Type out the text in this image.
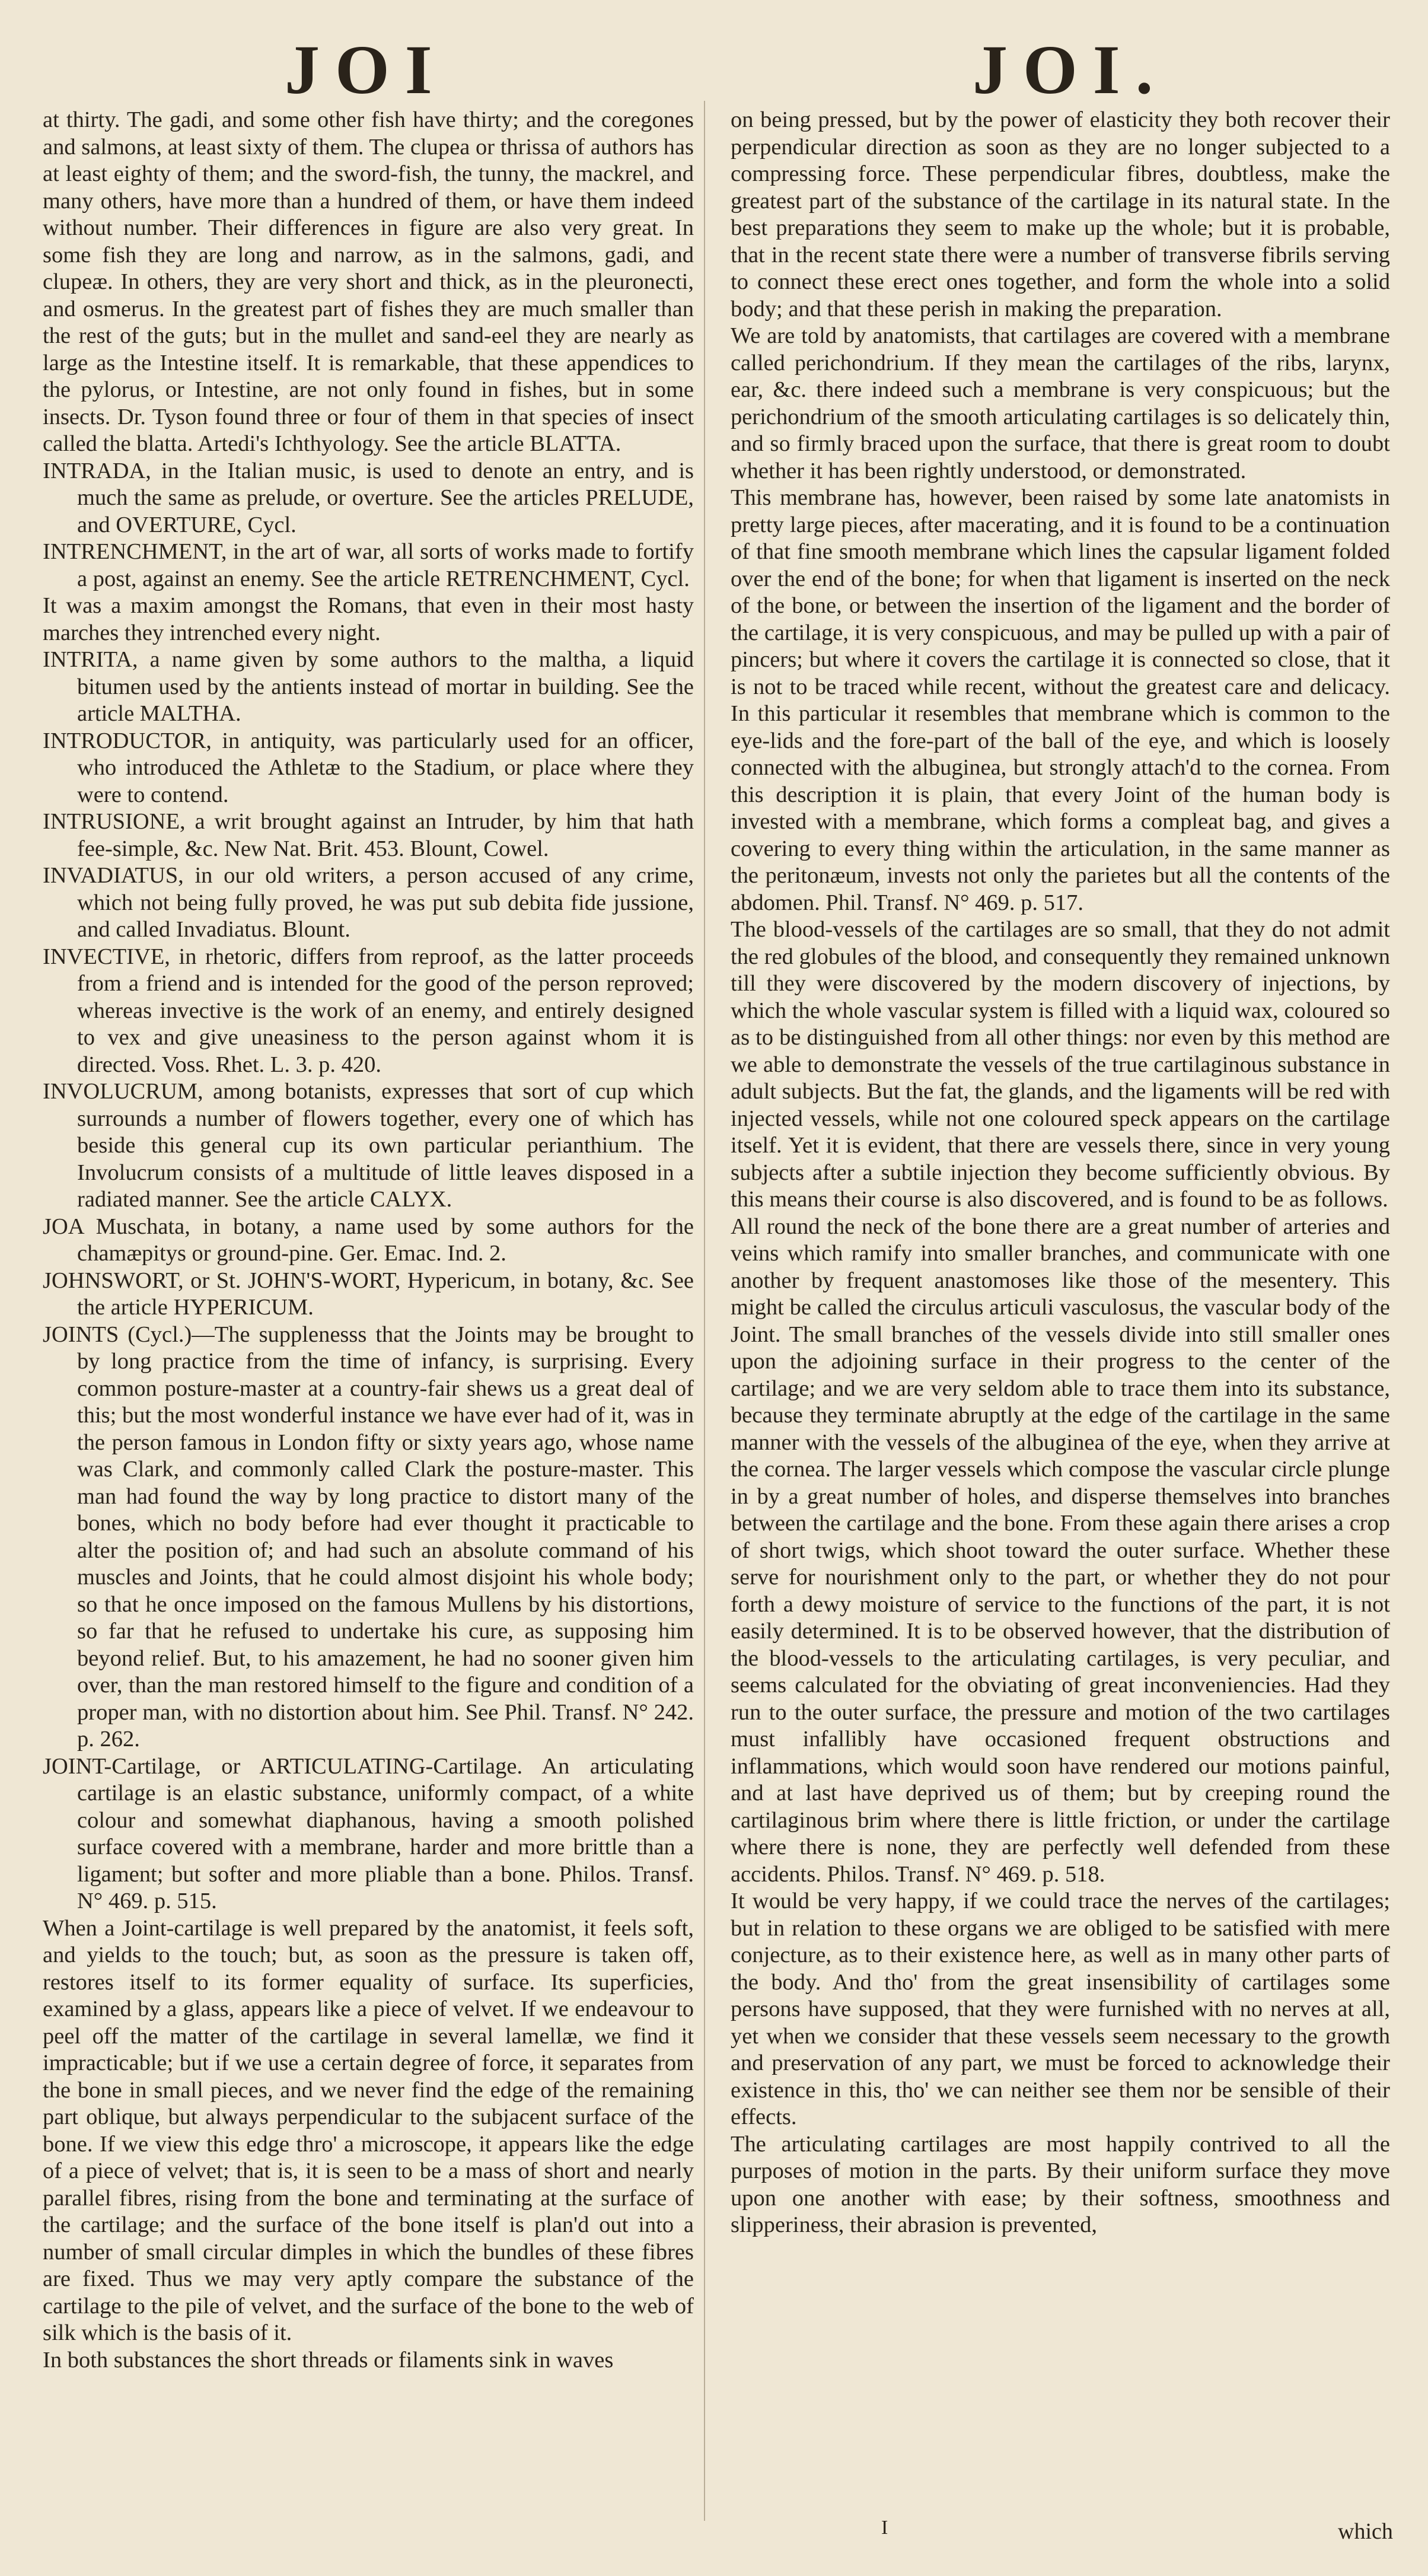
JOI	JOI.

at thirty. The gadi, and some other fish have thirty; and the coregones and salmons, at least sixty of them. The clupea or thrissa of authors has at least eighty of them; and the sword-fish, the tunny, the mackrel, and many others, have more than a hundred of them, or have them indeed without number. Their differences in figure are also very great. In some fish they are long and narrow, as in the salmons, gadi, and clupeæ. In others, they are very short and thick, as in the pleuronecti, and osmerus. In the greatest part of fishes they are much smaller than the rest of the guts; but in the mullet and sand-eel they are nearly as large as the Intestine itself. It is remarkable, that these appendices to the pylorus, or Intestine, are not only found in fishes, but in some insects. Dr. Tyson found three or four of them in that species of insect called the blatta. Artedi's Ichthyology. See the article BLATTA.

INTRADA, in the Italian music, is used to denote an entry, and is much the same as prelude, or overture. See the articles PRELUDE, and OVERTURE, Cycl.

INTRENCHMENT, in the art of war, all sorts of works made to fortify a post, against an enemy. See the article RETRENCHMENT, Cycl.

It was a maxim amongst the Romans, that even in their most hasty marches they intrenched every night.

INTRITA, a name given by some authors to the maltha, a liquid bitumen used by the antients instead of mortar in building. See the article MALTHA.

INTRODUCTOR, in antiquity, was particularly used for an officer, who introduced the Athletæ to the Stadium, or place where they were to contend.

INTRUSIONE, a writ brought against an Intruder, by him that hath fee-simple, &c. New Nat. Brit. 453. Blount, Cowel.

INVADIATUS, in our old writers, a person accused of any crime, which not being fully proved, he was put sub debita fide jussione, and called Invadiatus. Blount.

INVECTIVE, in rhetoric, differs from reproof, as the latter proceeds from a friend and is intended for the good of the person reproved; whereas invective is the work of an enemy, and entirely designed to vex and give uneasiness to the person against whom it is directed. Voss. Rhet. L. 3. p. 420.

INVOLUCRUM, among botanists, expresses that sort of cup which surrounds a number of flowers together, every one of which has beside this general cup its own particular perianthium. The Involucrum consists of a multitude of little leaves disposed in a radiated manner. See the article CALYX.

JOA Muschata, in botany, a name used by some authors for the chamæpitys or ground-pine. Ger. Emac. Ind. 2.

JOHNSWORT, or St. JOHN'S-WORT, Hypericum, in botany, &c. See the article HYPERICUM.

JOINTS (Cycl.)—The supplenesss that the Joints may be brought to by long practice from the time of infancy, is surprising. Every common posture-master at a country-fair shews us a great deal of this; but the most wonderful instance we have ever had of it, was in the person famous in London fifty or sixty years ago, whose name was Clark, and commonly called Clark the posture-master. This man had found the way by long practice to distort many of the bones, which no body before had ever thought it practicable to alter the position of; and had such an absolute command of his muscles and Joints, that he could almost disjoint his whole body; so that he once imposed on the famous Mullens by his distortions, so far that he refused to undertake his cure, as supposing him beyond relief. But, to his amazement, he had no sooner given him over, than the man restored himself to the figure and condition of a proper man, with no distortion about him. See Phil. Transf. N° 242. p. 262.

JOINT-Cartilage, or ARTICULATING-Cartilage. An articulating cartilage is an elastic substance, uniformly compact, of a white colour and somewhat diaphanous, having a smooth polished surface covered with a membrane, harder and more brittle than a ligament; but softer and more pliable than a bone. Philos. Transf. N° 469. p. 515.

When a Joint-cartilage is well prepared by the anatomist, it feels soft, and yields to the touch; but, as soon as the pressure is taken off, restores itself to its former equality of surface. Its superficies, examined by a glass, appears like a piece of velvet. If we endeavour to peel off the matter of the cartilage in several lamellæ, we find it impracticable; but if we use a certain degree of force, it separates from the bone in small pieces, and we never find the edge of the remaining part oblique, but always perpendicular to the subjacent surface of the bone. If we view this edge thro' a microscope, it appears like the edge of a piece of velvet; that is, it is seen to be a mass of short and nearly parallel fibres, rising from the bone and terminating at the surface of the cartilage; and the surface of the bone itself is plan'd out into a number of small circular dimples in which the bundles of these fibres are fixed. Thus we may very aptly compare the substance of the cartilage to the pile of velvet, and the surface of the bone to the web of silk which is the basis of it.

In both substances the short threads or filaments sink in waves

on being pressed, but by the power of elasticity they both recover their perpendicular direction as soon as they are no longer subjected to a compressing force. These perpendicular fibres, doubtless, make the greatest part of the substance of the cartilage in its natural state. In the best preparations they seem to make up the whole; but it is probable, that in the recent state there were a number of transverse fibrils serving to connect these erect ones together, and form the whole into a solid body; and that these perish in making the preparation.

We are told by anatomists, that cartilages are covered with a membrane called perichondrium. If they mean the cartilages of the ribs, larynx, ear, &c. there indeed such a membrane is very conspicuous; but the perichondrium of the smooth articulating cartilages is so delicately thin, and so firmly braced upon the surface, that there is great room to doubt whether it has been rightly understood, or demonstrated.

This membrane has, however, been raised by some late anatomists in pretty large pieces, after macerating, and it is found to be a continuation of that fine smooth membrane which lines the capsular ligament folded over the end of the bone; for when that ligament is inserted on the neck of the bone, or between the insertion of the ligament and the border of the cartilage, it is very conspicuous, and may be pulled up with a pair of pincers; but where it covers the cartilage it is connected so close, that it is not to be traced while recent, without the greatest care and delicacy. In this particular it resembles that membrane which is common to the eye-lids and the fore-part of the ball of the eye, and which is loosely connected with the albuginea, but strongly attach'd to the cornea. From this description it is plain, that every Joint of the human body is invested with a membrane, which forms a compleat bag, and gives a covering to every thing within the articulation, in the same manner as the peritonæum, invests not only the parietes but all the contents of the abdomen. Phil. Transf. N° 469. p. 517.

The blood-vessels of the cartilages are so small, that they do not admit the red globules of the blood, and consequently they remained unknown till they were discovered by the modern discovery of injections, by which the whole vascular system is filled with a liquid wax, coloured so as to be distinguished from all other things: nor even by this method are we able to demonstrate the vessels of the true cartilaginous substance in adult subjects. But the fat, the glands, and the ligaments will be red with injected vessels, while not one coloured speck appears on the cartilage itself. Yet it is evident, that there are vessels there, since in very young subjects after a subtile injection they become sufficiently obvious. By this means their course is also discovered, and is found to be as follows.

All round the neck of the bone there are a great number of arteries and veins which ramify into smaller branches, and communicate with one another by frequent anastomoses like those of the mesentery. This might be called the circulus articuli vasculosus, the vascular body of the Joint. The small branches of the vessels divide into still smaller ones upon the adjoining surface in their progress to the center of the cartilage; and we are very seldom able to trace them into its substance, because they terminate abruptly at the edge of the cartilage in the same manner with the vessels of the albuginea of the eye, when they arrive at the cornea. The larger vessels which compose the vascular circle plunge in by a great number of holes, and disperse themselves into branches between the cartilage and the bone. From these again there arises a crop of short twigs, which shoot toward the outer surface. Whether these serve for nourishment only to the part, or whether they do not pour forth a dewy moisture of service to the functions of the part, it is not easily determined. It is to be observed however, that the distribution of the blood-vessels to the articulating cartilages, is very peculiar, and seems calculated for the obviating of great inconveniencies. Had they run to the outer surface, the pressure and motion of the two cartilages must infallibly have occasioned frequent obstructions and inflammations, which would soon have rendered our motions painful, and at last have deprived us of them; but by creeping round the cartilaginous brim where there is little friction, or under the cartilage where there is none, they are perfectly well defended from these accidents. Philos. Transf. N° 469. p. 518.

It would be very happy, if we could trace the nerves of the cartilages; but in relation to these organs we are obliged to be satisfied with mere conjecture, as to their existence here, as well as in many other parts of the body. And tho' from the great insensibility of cartilages some persons have supposed, that they were furnished with no nerves at all, yet when we consider that these vessels seem necessary to the growth and preservation of any part, we must be forced to acknowledge their existence in this, tho' we can neither see them nor be sensible of their effects.

The articulating cartilages are most happily contrived to all the purposes of motion in the parts. By their uniform surface they move upon one another with ease; by their softness, smoothness and slipperiness, their abrasion is prevented,

I	which
